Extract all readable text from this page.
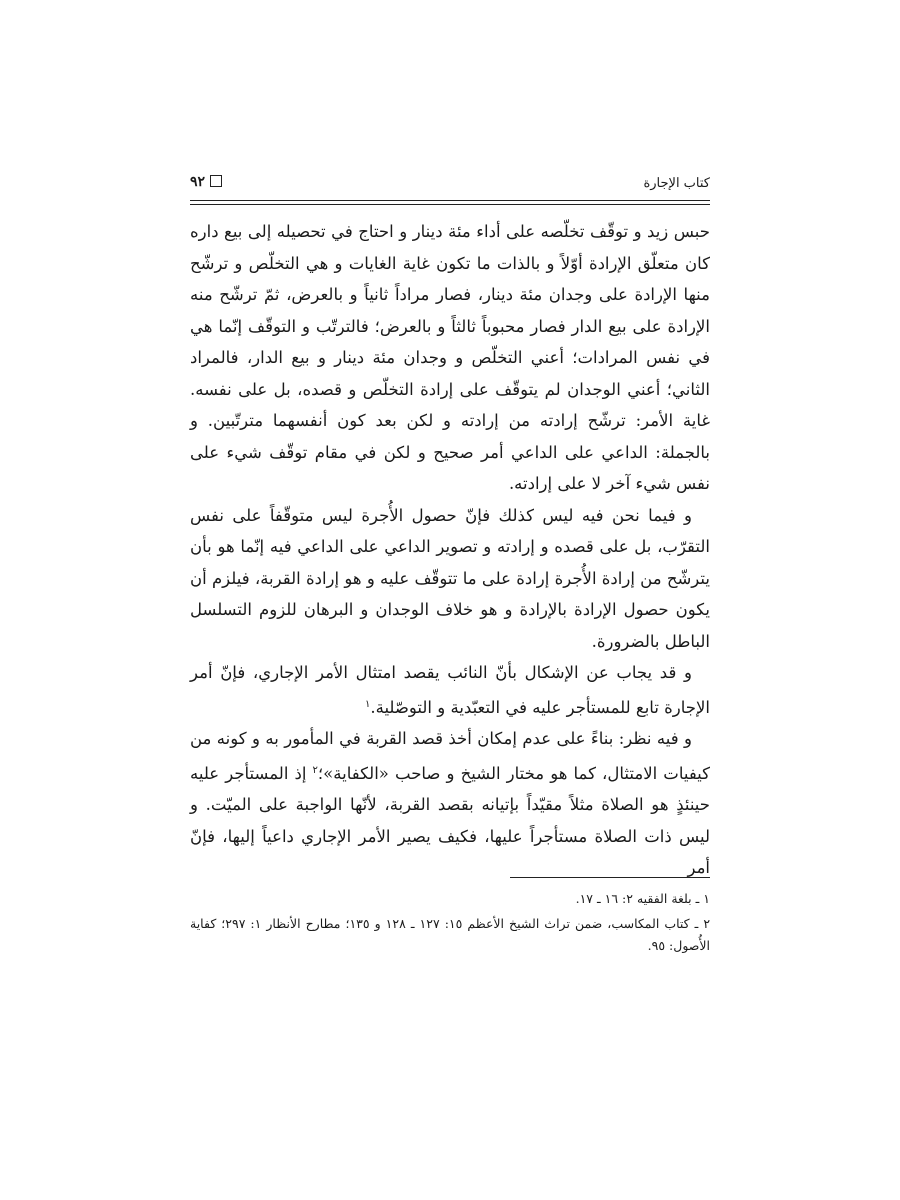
كتاب الإجارة
٩٢

حبس زيد و توقّف تخلّصه على أداء مئة دينار و احتاج في تحصيله إلى بيع داره كان متعلّق الإرادة أوّلاً و بالذات ما تكون غاية الغايات و هي التخلّص و ترشّح منها الإرادة على وجدان مئة دينار، فصار مراداً ثانياً و بالعرض، ثمّ ترشّح منه الإرادة على بيع الدار فصار محبوباً ثالثاً و بالعرض؛ فالترتّب و التوقّف إنّما هي في نفس المرادات؛ أعني التخلّص و وجدان مئة دينار و بيع الدار، فالمراد الثاني؛ أعني الوجدان لم يتوقّف على إرادة التخلّص و قصده، بل على نفسه. غاية الأمر: ترشّح إرادته من إرادته و لكن بعد كون أنفسهما مترتّبين. و بالجملة: الداعي على الداعي أمر صحيح و لكن في مقام توقّف شيء على نفس شيء آخر لا على إرادته.

و فيما نحن فيه ليس كذلك فإنّ حصول الأُجرة ليس متوقّفاً على نفس التقرّب، بل على قصده و إرادته و تصوير الداعي على الداعي فيه إنّما هو بأن يترشّح من إرادة الأُجرة إرادة على ما تتوقّف عليه و هو إرادة القربة، فيلزم أن يكون حصول الإرادة بالإرادة و هو خلاف الوجدان و البرهان للزوم التسلسل الباطل بالضرورة.

و قد يجاب عن الإشكال بأنّ النائب يقصد امتثال الأمر الإجاري، فإنّ أمر الإجارة تابع للمستأجر عليه في التعبّدية و التوصّلية.$^١$

و فيه نظر: بناءً على عدم إمكان أخذ قصد القربة في المأمور به و كونه من كيفيات الامتثال، كما هو مختار الشيخ و صاحب «الكفاية»؛$^٢$ إذ المستأجر عليه حينئذٍ هو الصلاة مثلاً مقيّداً بإتيانه بقصد القربة، لأنّها الواجبة على الميّت. و ليس ذات الصلاة مستأجراً عليها، فكيف يصير الأمر الإجاري داعياً إليها، فإنّ أمر

١ ـ بلغة الفقيه ٢: ١٦ ـ ١٧.

٢ ـ كتاب المكاسب، ضمن تراث الشيخ الأعظم ١٥: ١٢٧ ـ ١٢٨ و ١٣٥؛ مطارح الأنظار ١: ٢٩٧؛ كفاية الأُصول: ٩٥.
